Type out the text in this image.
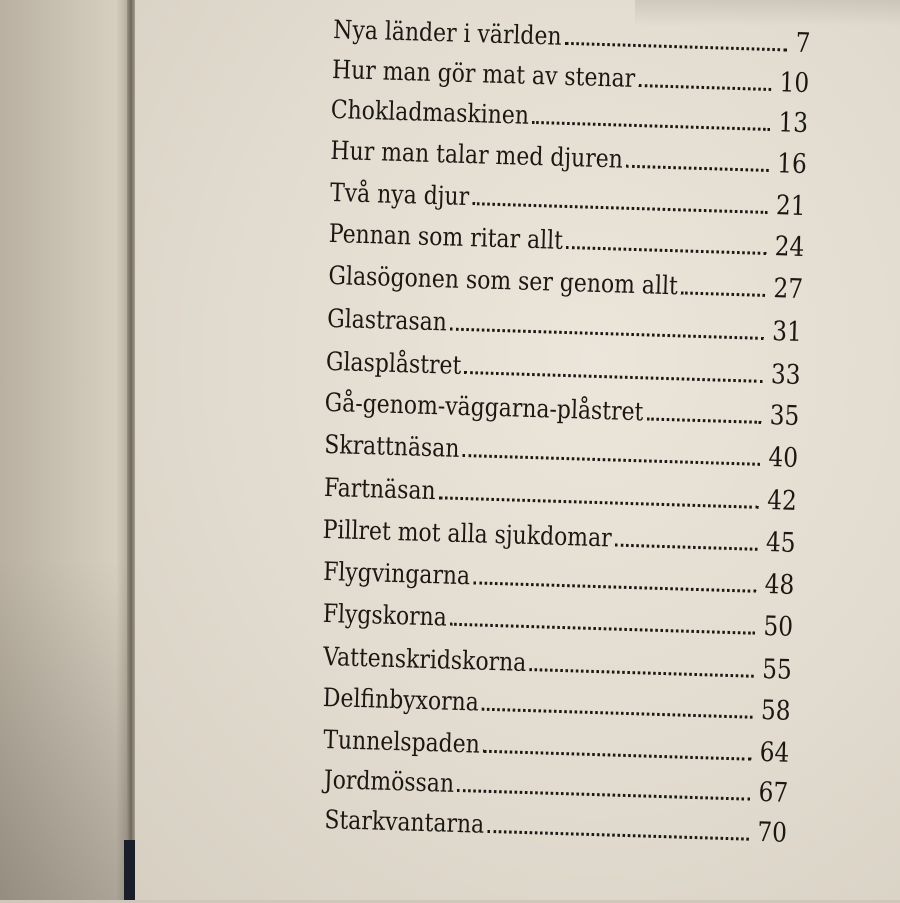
Nya länder i världen	7
Hur man gör mat av stenar	10
Chokladmaskinen	13
Hur man talar med djuren	16
Två nya djur	21
Pennan som ritar allt	24
Glasögonen som ser genom allt	27
Glastrasan	31
Glasplåstret	33
Gå-genom-väggarna-plåstret	35
Skrattnäsan	40
Fartnäsan	42
Pillret mot alla sjukdomar	45
Flygvingarna	48
Flygskorna	50
Vattenskridskorna	55
Delfinbyxorna	58
Tunnelspaden	64
Jordmössan	67
Starkvantarna	70
